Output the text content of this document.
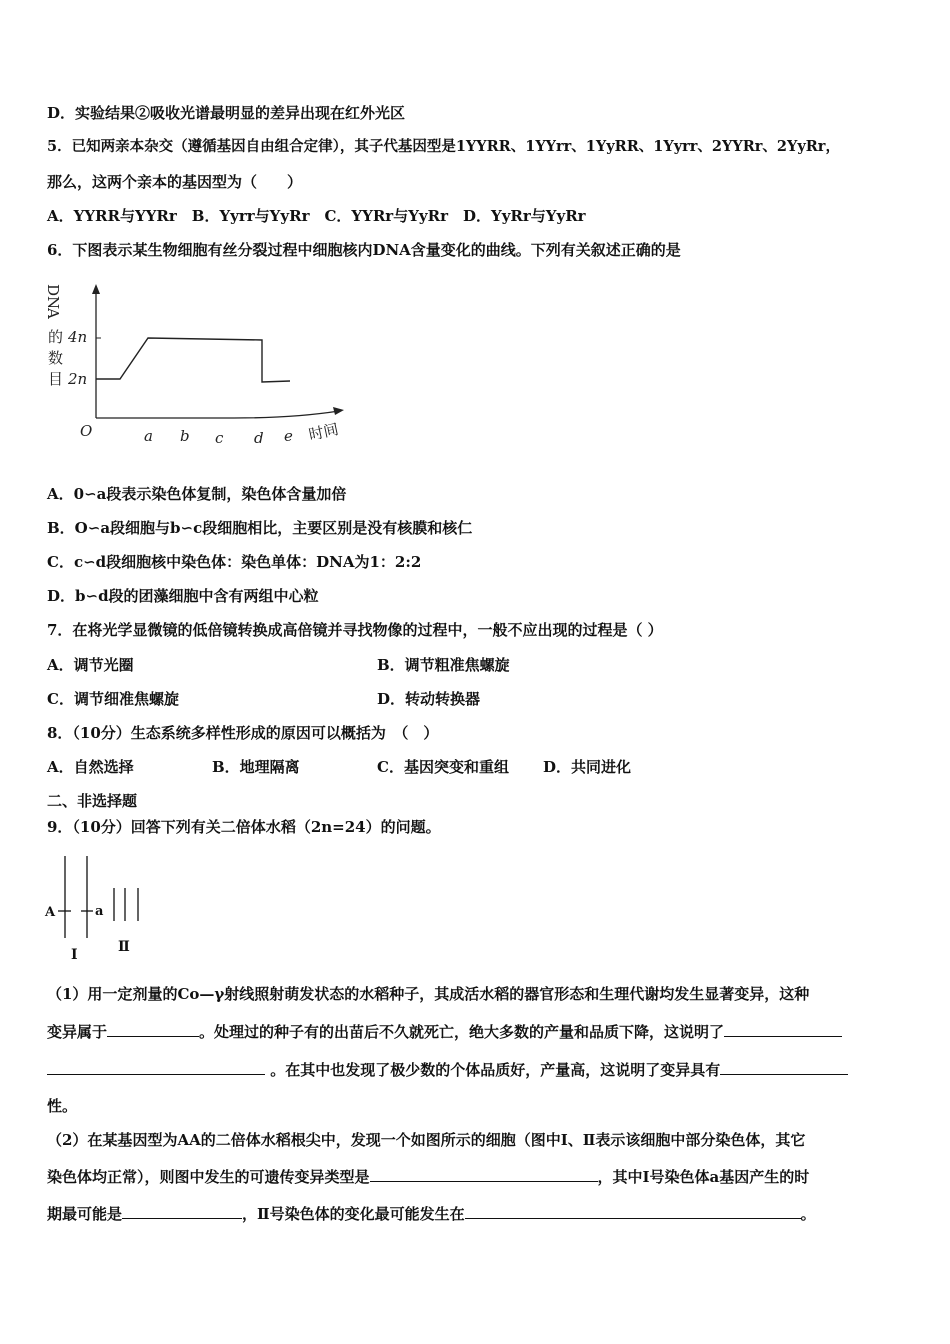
D．实验结果②吸收光谱最明显的差异出现在红外光区
5．已知两亲本杂交（遵循基因自由组合定律），其子代基因型是1YYRR、1YYrr、1YyRR、1Yyrr、2YYRr、2YyRr，
那么，这两个亲本的基因型为（　　）
A．YYRR与YYRr　B．Yyrr与YyRr　C．YYRr与YyRr　D．YyRr与YyRr
6．下图表示某生物细胞有丝分裂过程中细胞核内DNA含量变化的曲线。下列有关叙述正确的是
D
N
A
的
数
目
4n
2n
O	a b c d e 时间
A．0∽a段表示染色体复制，染色体含量加倍
B．O∽a段细胞与b∽c段细胞相比，主要区别是没有核膜和核仁
C．c∽d段细胞核中染色体：染色单体：DNA为1：2:2
D．b∽d段的团藻细胞中含有两组中心粒
7．在将光学显微镜的低倍镜转换成高倍镜并寻找物像的过程中，一般不应出现的过程是（ ）
A．调节光圈	B．调节粗准焦螺旋
C．调节细准焦螺旋	D．转动转换器
8．（10分）生态系统多样性形成的原因可以概括为　（　）
A．自然选择	B．地理隔离	C．基因突变和重组 D．共同进化
二、非选择题
9．（10分）回答下列有关二倍体水稻（2n=24）的问题。
A	a
Ⅰ	Ⅱ
（1）用一定剂量的Co—γ射线照射萌发状态的水稻种子，其成活水稻的器官形态和生理代谢均发生显著变异，这种
变异属于	。处理过的种子有的出苗后不久就死亡，绝大多数的产量和品质下降，这说明了
。在其中也发现了极少数的个体品质好，产量高，这说明了变异具有
性。
（2）在某基因型为AA的二倍体水稻根尖中，发现一个如图所示的细胞（图中Ⅰ、Ⅱ表示该细胞中部分染色体，其它
染色体均正常），则图中发生的可遗传变异类型是	，其中Ⅰ号染色体a基因产生的时
期最可能是	，Ⅱ号染色体的变化最可能发生在	。
